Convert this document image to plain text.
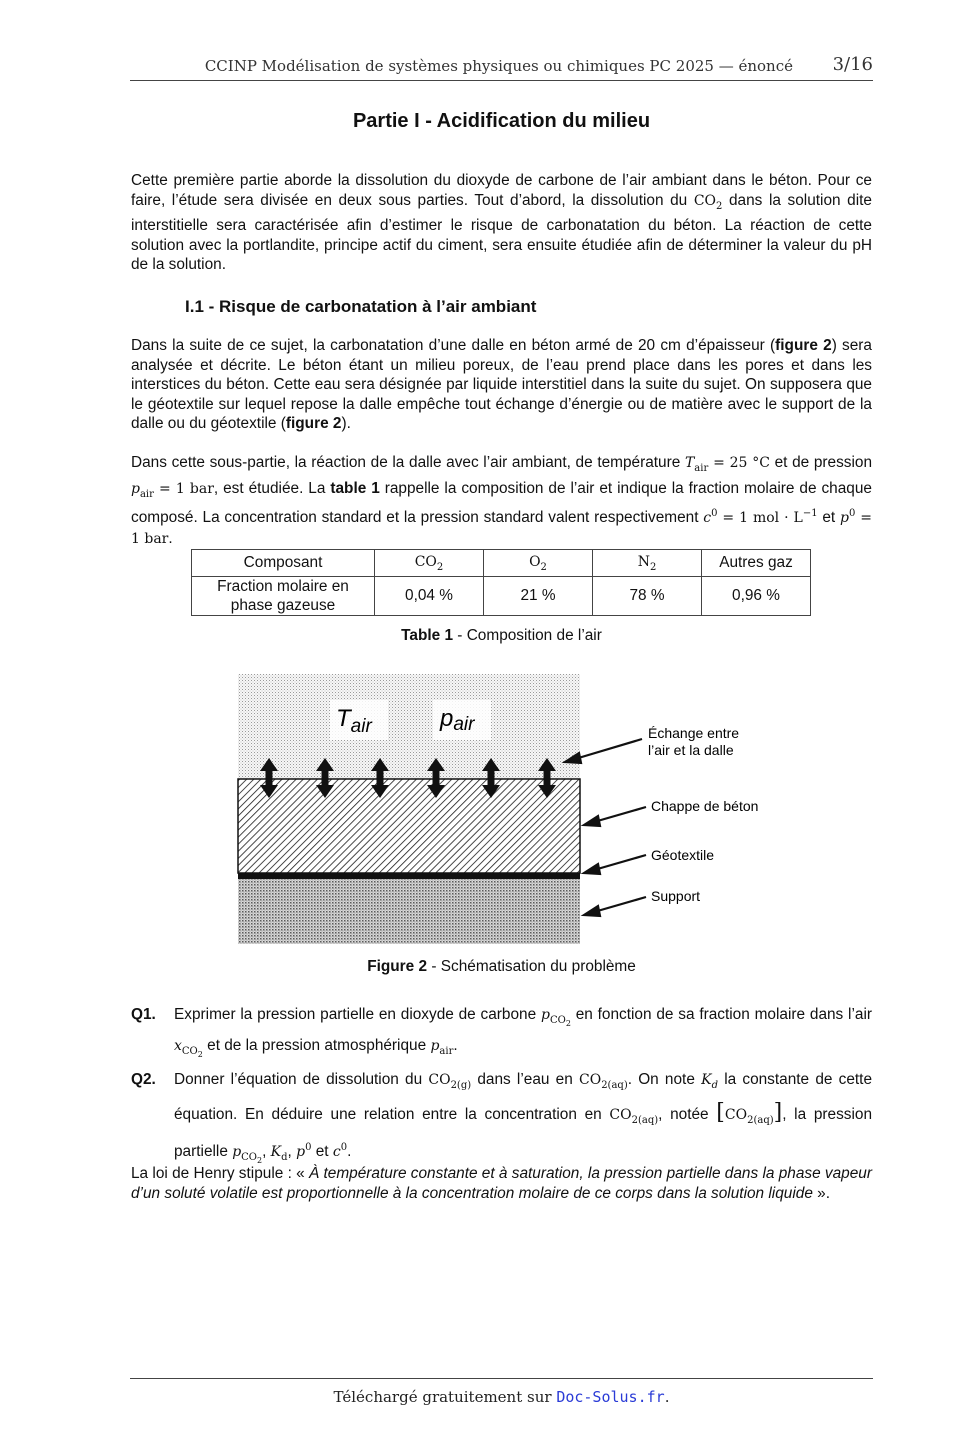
CCINP Modélisation de systèmes physiques ou chimiques PC 2025 — énoncé 3/16
Partie I - Acidification du milieu
Cette première partie aborde la dissolution du dioxyde de carbone de l’air ambiant dans le béton. Pour ce faire, l’étude sera divisée en deux sous parties. Tout d’abord, la dissolution du $CO_2$ dans la solution dite interstitielle sera caractérisée afin d’estimer le risque de carbonatation du béton. La réaction de cette solution avec la portlandite, principe actif du ciment, sera ensuite étudiée afin de déterminer la valeur du pH de la solution.
I.1 - Risque de carbonatation à l’air ambiant
Dans la suite de ce sujet, la carbonatation d’une dalle en béton armé de 20 cm d’épaisseur (figure 2) sera analysée et décrite. Le béton étant un milieu poreux, de l’eau prend place dans les pores et dans les interstices du béton. Cette eau sera désignée par liquide interstitiel dans la suite du sujet. On supposera que le géotextile sur lequel repose la dalle empêche tout échange d’énergie ou de matière avec le support de la dalle ou du géotextile (figure 2).
Dans cette sous-partie, la réaction de la dalle avec l’air ambiant, de température $T_{air} = 25$ °C et de pression $p_{air} = 1$ bar, est étudiée. La table 1 rappelle la composition de l’air et indique la fraction molaire de chaque composé. La concentration standard et la pression standard valent respectivement $c^0 = 1$ mol · $L^{-1}$ et $p^0 = 1$ bar.
Composant	$CO_2$	$O_2$	$N_2$	Autres gaz
Fraction molaire en
phase gazeuse	0,04 %	21 %	78 %	0,96 %
Table 1 - Composition de l’air
$T_{air}$	pair	Échange entre
l’air et la dalle
Chappe de béton
Géotextile
Support
Figure 2 - Schématisation du problème
Q1. Exprimer la pression partielle en dioxyde de carbone $p_{CO_2}$ en fonction de sa fraction molaire dans l’air $x_{CO_2}$ et de la pression atmosphérique $p_{air}$.
Q2. Donner l’équation de dissolution du $CO_{2(g)}$ dans l’eau en $CO_{2(aq)}$. On note $K_d$ la constante de cette équation. En déduire une relation entre la concentration en $CO_{2(aq)}$, notée $[CO_{2(aq)}]$, la pression partielle $p_{CO_2}$, $K_d$, $p^0$ et $c^0$.
La loi de Henry stipule : « À température constante et à saturation, la pression partielle dans la phase vapeur d’un soluté volatile est proportionnelle à la concentration molaire de ce corps dans la solution liquide ».
Téléchargé gratuitement sur Doc-Solus.fr.
